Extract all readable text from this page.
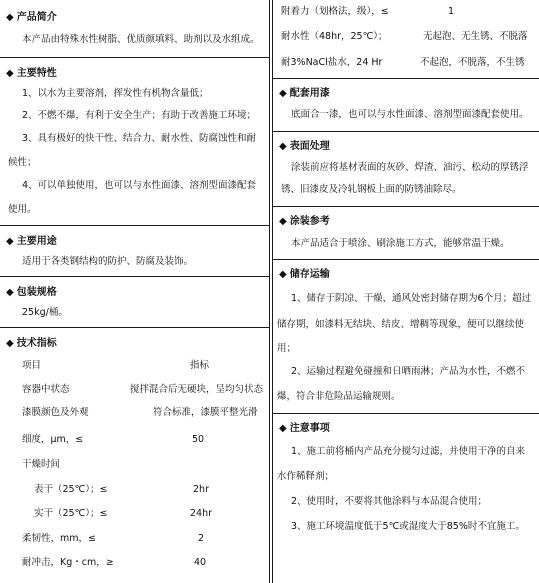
◆ 产品简介
本产品由特殊水性树脂、优质颜填料、助剂以及水组成。
◆ 主要特性
1、以水为主要溶剂，挥发性有机物含量低；
2、不燃不爆，有利于安全生产；有助于改善施工环境；
3、具有极好的快干性、结合力、耐水性、防腐蚀性和耐
候性；
4、可以单独使用，也可以与水性面漆、溶剂型面漆配套
使用。
◆ 主要用途
适用于各类钢结构的防护、防腐及装饰。
◆ 包装规格
25kg/桶。
◆ 技术指标
项目	指标
容器中状态	搅拌混合后无硬块，呈均匀状态
漆膜颜色及外观	符合标准，漆膜平整光滑
细度，μm，≤	50
干燥时间
表干（25℃）；≤	2hr
实干（25℃）；≤	24hr
柔韧性，mm，≤	2
耐冲击，Kg・cm，≥	40
附着力（划格法，级），≤	1
耐水性（48hr，25℃）；	无起泡、无生锈、不脱落
耐3%NaCl盐水，24 Hr	不起泡，不脱落，不生锈
◆ 配套用漆
底面合一漆，也可以与水性面漆、溶剂型面漆配套使用。
◆ 表面处理
涂装前应将基材表面的灰砂、焊渣、油污、松动的厚锈浮
锈、旧漆皮及冷轧钢板上面的防锈油除尽。
◆ 涂装参考
本产品适合于喷涂、刷涂施工方式，能够常温干燥。
◆ 储存运输
1、储存于阴凉、干燥、通风处密封储存期为6个月；超过
储存期，如漆料无结块、结皮、增稠等现象，便可以继续使
用；
2、运输过程避免碰撞和日晒雨淋；产品为水性，不燃不
爆，符合非危险品运输规则。
◆ 注意事项
1、施工前将桶内产品充分搅匀过滤，并使用干净的自来
水作稀释剂；
2、使用时，不要将其他涂料与本品混合使用；
3、施工环境温度低于5℃或湿度大于85%时不宜施工。
